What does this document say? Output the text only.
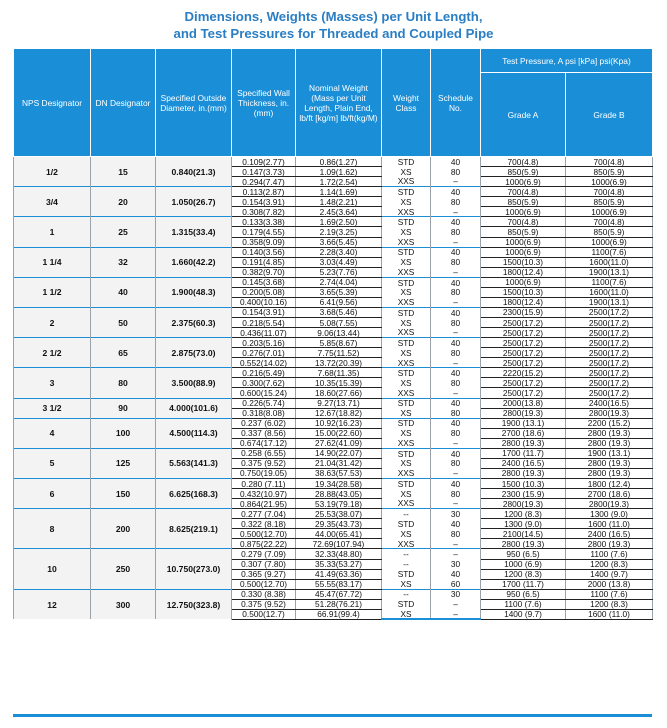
Dimensions, Weights (Masses) per Unit Length,
and Test Pressures for Threaded and Coupled Pipe
NPS Designator	DN Designator	Specified Outside Diameter, in.(mm)	Specified Wall Thickness, in.(mm)	Nominal Weight (Mass per Unit Length, Plain End, lb/ft [kg/m] lb/ft(kg/M)	Weight Class	Schedule No.	Test Pressure, A psi [kPa] psi(Kpa)	
							Grade A	Grade B
1/2	15	0.840(21.3)	0.109(2.77)	0.86(1.27)	STD	40	700(4.8)	700(4.8)
			0.147(3.73)	1.09(1.62)	XS	80	850(5.9)	850(5.9)
			0.294(7.47)	1.72(2.54)	XXS	–	1000(6.9)	1000(6.9)
3/4	20	1.050(26.7)	0.113(2.87)	1.14(1.69)	STD	40	700(4.8)	700(4.8)
			0.154(3.91)	1.48(2.21)	XS	80	850(5.9)	850(5.9)
			0.308(7.82)	2.45(3.64)	XXS	–	1000(6.9)	1000(6.9)
1	25	1.315(33.4)	0.133(3.38)	1.69(2.50)	STD	40	700(4.8)	700(4.8)
			0.179(4.55)	2.19(3.25)	XS	80	850(5.9)	850(5.9)
			0.358(9.09)	3.66(5.45)	XXS	–	1000(6.9)	1000(6.9)
1 1/4	32	1.660(42.2)	0.140(3.56)	2.28(3.40)	STD	40	1000(6.9)	1100(7.6)
			0.191(4.85)	3.03(4.49)	XS	80	1500(10.3)	1600(11.0)
			0.382(9.70)	5.23(7.76)	XXS	–	1800(12.4)	1900(13.1)
1 1/2	40	1.900(48.3)	0.145(3.68)	2.74(4.04)	STD	40	1000(6.9)	1100(7.6)
			0.200(5.08)	3.65(5.39)	XS	80	1500(10.3)	1600(11.0)
			0.400(10.16)	6.41(9.56)	XXS	–	1800(12.4)	1900(13.1)
2	50	2.375(60.3)	0.154(3.91)	3.68(5.46)	STD	40	2300(15.9)	2500(17.2)
			0.218(5.54)	5.08(7.55)	XS	80	2500(17.2)	2500(17.2)
			0.436(11.07)	9.06(13.44)	XXS	–	2500(17.2)	2500(17.2)
2 1/2	65	2.875(73.0)	0.203(5.16)	5.85(8.67)	STD	40	2500(17.2)	2500(17.2)
			0.276(7.01)	7.75(11.52)	XS	80	2500(17.2)	2500(17.2)
			0.552(14.02)	13.72(20.39)	XXS	–	2500(17.2)	2500(17.2)
3	80	3.500(88.9)	0.216(5.49)	7.68(11.35)	STD	40	2220(15.2)	2500(17.2)
			0.300(7.62)	10.35(15.39)	XS	80	2500(17.2)	2500(17.2)
			0.600(15.24)	18.60(27.66)	XXS	–	2500(17.2)	2500(17.2)
3 1/2	90	4.000(101.6)	0.226(5.74)	9.27(13.71)	STD	40	2000(13.8)	2400(16.5)
			0.318(8.08)	12.67(18.82)	XS	80	2800(19.3)	2800(19.3)
4	100	4.500(114.3)	0.237 (6.02)	10.92(16.23)	STD	40	1900 (13.1)	2200 (15.2)
			0.337 (8.56)	15.00(22.60)	XS	80	2700 (18.6)	2800 (19.3)
			0.674(17.12)	27.62(41.09)	XXS	–	2800 (19.3)	2800 (19.3)
5	125	5.563(141.3)	0.258 (6.55)	14.90(22.07)	STD	40	1700 (11.7)	1900 (13.1)
			0.375 (9.52)	21.04(31.42)	XS	80	2400 (16.5)	2800 (19.3)
			0.750(19.05)	38.63(57.53)	XXS	–	2800 (19.3)	2800 (19.3)
6	150	6.625(168.3)	0.280 (7.11)	19.34(28.58)	STD	40	1500 (10.3)	1800 (12.4)
			0.432(10.97)	28.88(43.05)	XS	80	2300 (15.9)	2700 (18.6)
			0.864(21.95)	53.19(79.18)	XXS	–	2800(19.3)	2800(19.3)
8	200	8.625(219.1)	0.277 (7.04)	25.53(38.07)	--	30	1200 (8.3)	1300 (9.0)
			0.322 (8.18)	29.35(43.73)	STD	40	1300 (9.0)	1600 (11.0)
			0.500(12.70)	44.00(65.41)	XS	80	2100(14.5)	2400 (16.5)
			0.875(22.22)	72.69(107.94)	XXS	–	2800 (19.3)	2800 (19.3)
10	250	10.750(273.0)	0.279 (7.09)	32.33(48.80)	--	–	950 (6.5)	1100 (7.6)
			0.307 (7.80)	35.33(53.27)	--	30	1000 (6.9)	1200 (8.3)
			0.365 (9.27)	41.49(63.36)	STD	40	1200 (8.3)	1400 (9.7)
			0.500(12.70)	55.55(83.17)	XS	60	1700 (11.7)	2000 (13.8)
12	300	12.750(323.8)	0.330 (8.38)	45.47(67.72)	--	30	950 (6.5)	1100 (7.6)
			0.375 (9.52)	51.28(76.21)	STD	–	1100 (7.6)	1200 (8.3)
			0.500(12.7)	66.91(99.4)	XS	–	1400 (9.7)	1600 (11.0)
